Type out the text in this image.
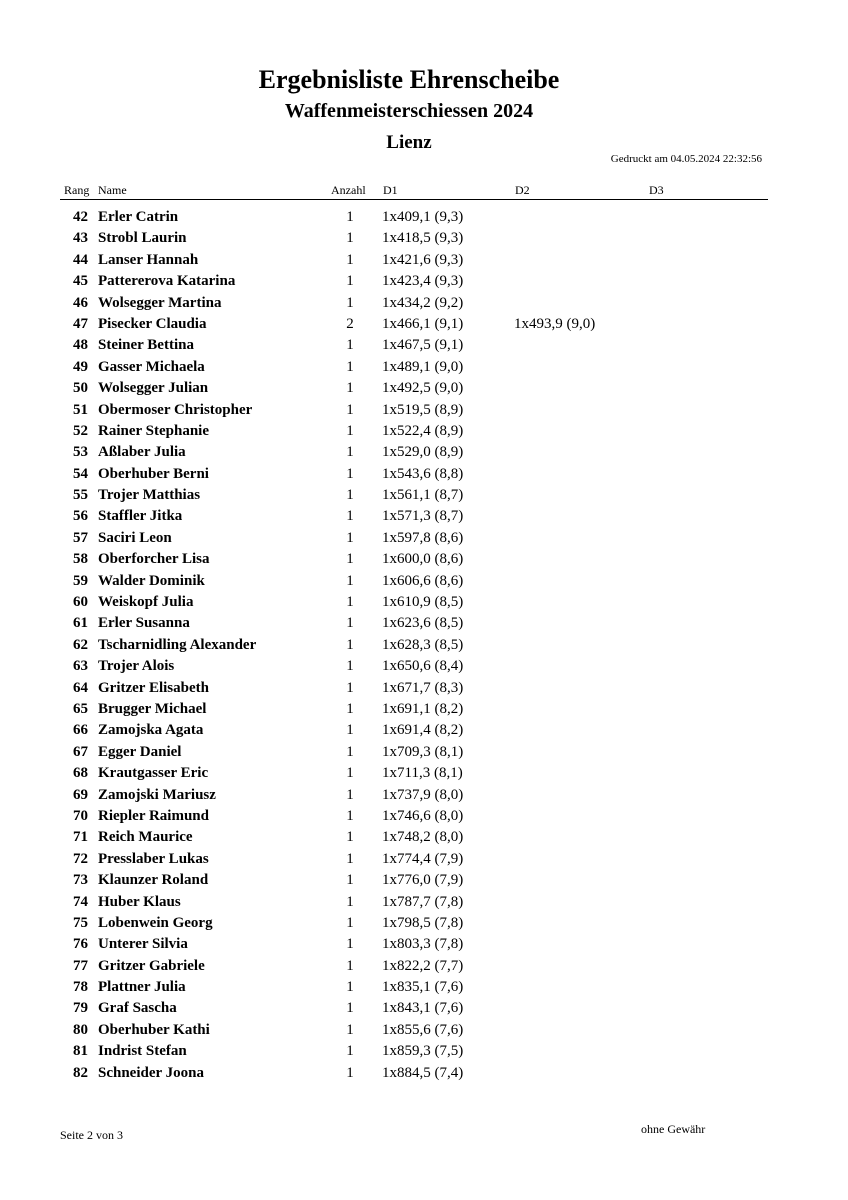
Ergebnisliste Ehrenscheibe
Waffenmeisterschiessen 2024
Lienz
Gedruckt am 04.05.2024 22:32:56
Rang Name	Anzahl D1	D2	D3
42 Erler Catrin	1	1x409,1 (9,3)
43 Strobl Laurin	1	1x418,5 (9,3)
44 Lanser Hannah	1	1x421,6 (9,3)
45 Pattererova Katarina	1	1x423,4 (9,3)
46 Wolsegger Martina	1	1x434,2 (9,2)
47 Pisecker Claudia	2	1x466,1 (9,1)	1x493,9 (9,0)
48 Steiner Bettina	1	1x467,5 (9,1)
49 Gasser Michaela	1	1x489,1 (9,0)
50 Wolsegger Julian	1	1x492,5 (9,0)
51 Obermoser Christopher	1	1x519,5 (8,9)
52 Rainer Stephanie	1	1x522,4 (8,9)
53 Aßlaber Julia	1	1x529,0 (8,9)
54 Oberhuber Berni	1	1x543,6 (8,8)
55 Trojer Matthias	1	1x561,1 (8,7)
56 Staffler Jitka	1	1x571,3 (8,7)
57 Saciri Leon	1	1x597,8 (8,6)
58 Oberforcher Lisa	1	1x600,0 (8,6)
59 Walder Dominik	1	1x606,6 (8,6)
60 Weiskopf Julia	1	1x610,9 (8,5)
61 Erler Susanna	1	1x623,6 (8,5)
62 Tscharnidling Alexander	1	1x628,3 (8,5)
63 Trojer Alois	1	1x650,6 (8,4)
64 Gritzer Elisabeth	1	1x671,7 (8,3)
65 Brugger Michael	1	1x691,1 (8,2)
66 Zamojska Agata	1	1x691,4 (8,2)
67 Egger Daniel	1	1x709,3 (8,1)
68 Krautgasser Eric	1	1x711,3 (8,1)
69 Zamojski Mariusz	1	1x737,9 (8,0)
70 Riepler Raimund	1	1x746,6 (8,0)
71 Reich Maurice	1	1x748,2 (8,0)
72 Presslaber Lukas	1	1x774,4 (7,9)
73 Klaunzer Roland	1	1x776,0 (7,9)
74 Huber Klaus	1	1x787,7 (7,8)
75 Lobenwein Georg	1	1x798,5 (7,8)
76 Unterer Silvia	1	1x803,3 (7,8)
77 Gritzer Gabriele	1	1x822,2 (7,7)
78 Plattner Julia	1	1x835,1 (7,6)
79 Graf Sascha	1	1x843,1 (7,6)
80 Oberhuber Kathi	1	1x855,6 (7,6)
81 Indrist Stefan	1	1x859,3 (7,5)
82 Schneider Joona	1	1x884,5 (7,4)
Seite 2 von 3	ohne Gewähr
